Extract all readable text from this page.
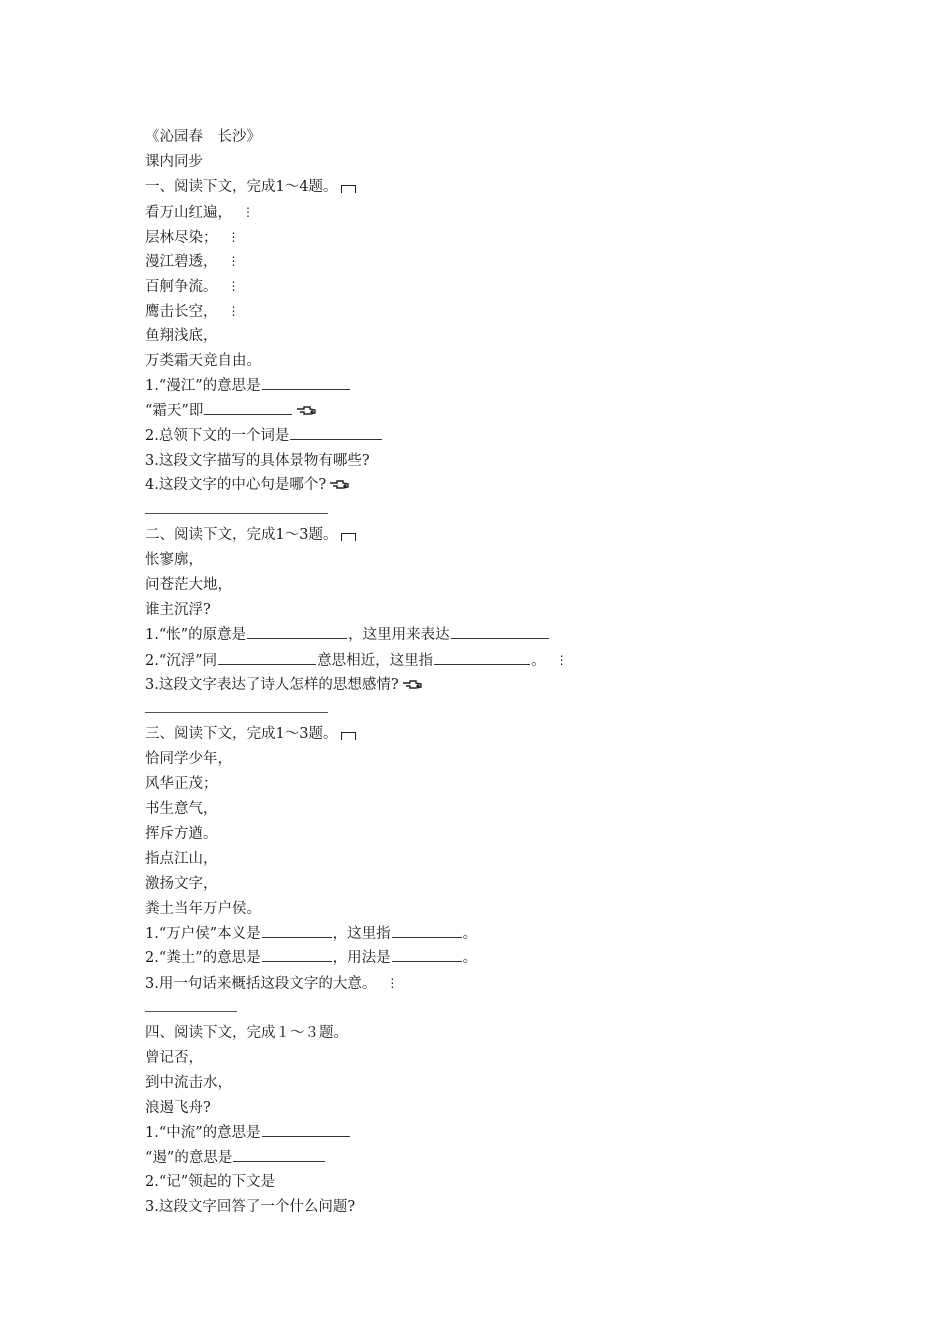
《沁园春　长沙》
课内同步
一、阅读下文，完成1～4题。
看万山红遍， ⋮
层林尽染； ⋮
漫江碧透， ⋮
百舸争流。 ⋮
鹰击长空， ⋮
鱼翔浅底，
万类霜天竞自由。
1.“漫江”的意思是
“霜天”即
2.总领下文的一个词是
3.这段文字描写的具体景物有哪些?
4.这段文字的中心句是哪个?
二、阅读下文，完成1～3题。
怅寥廓，
问苍茫大地，
谁主沉浮?
1.“怅”的原意是	，这里用来表达
2.“沉浮”同	意思相近，这里指	。 ⋮
3.这段文字表达了诗人怎样的思想感情?
三、阅读下文，完成1～3题。
恰同学少年，
风华正茂；
书生意气，
挥斥方遒。
指点江山，
激扬文字，
粪土当年万户侯。
1.“万户侯”本义是	，这里指	。
2.“粪土”的意思是	，用法是	。
3.用一句话来概括这段文字的大意。 ⋮
四、阅读下文，完成１～３题。
曾记否，
到中流击水，
浪遏飞舟?
1.“中流”的意思是
“遏”的意思是
2.“记”领起的下文是
3.这段文字回答了一个什么问题?
